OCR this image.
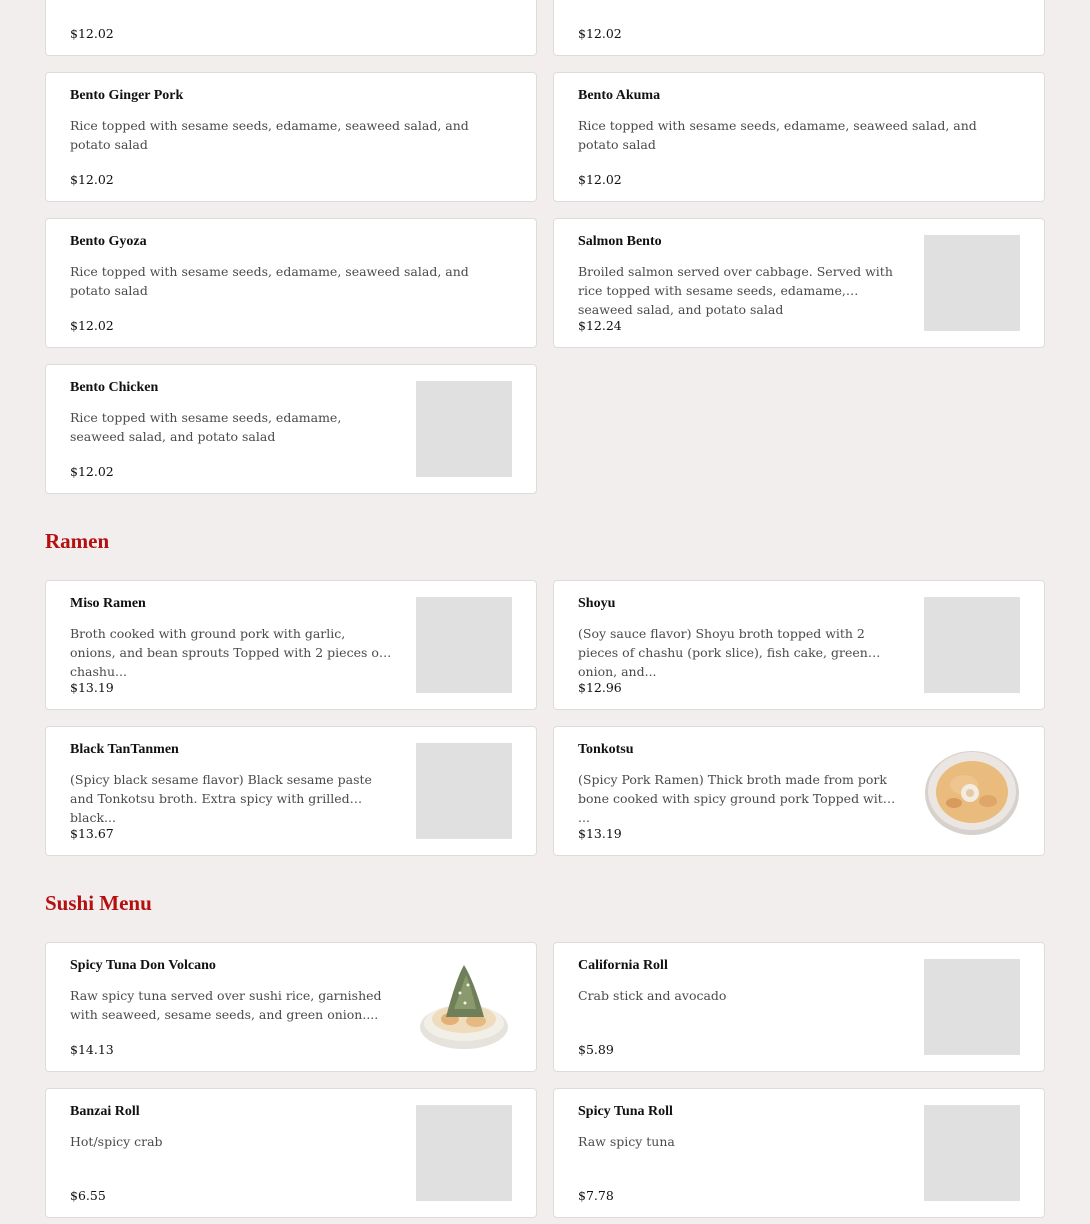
$12.02	$12.02
Bento Ginger Pork
Rice topped with sesame seeds, edamame, seaweed salad, and potato salad
$12.02
Bento Akuma
Rice topped with sesame seeds, edamame, seaweed salad, and potato salad
$12.02
Bento Gyoza
Rice topped with sesame seeds, edamame, seaweed salad, and potato salad
$12.02
Salmon Bento
Broiled salmon served over cabbage. Served with rice topped with sesame seeds, edamame, seaweed salad, and potato salad
$12.24
Bento Chicken
Rice topped with sesame seeds, edamame, seaweed salad, and potato salad
$12.02
Ramen
Miso Ramen
Broth cooked with ground pork with garlic, onions, and bean sprouts Topped with 2 pieces of chashu...
$13.19
Shoyu
(Soy sauce flavor) Shoyu broth topped with 2 pieces of chashu (pork slice), fish cake, green onion, and...
$12.96
Black TanTanmen
(Spicy black sesame flavor) Black sesame paste and Tonkotsu broth. Extra spicy with grilled black...
$13.67
Tonkotsu
(Spicy Pork Ramen) Thick broth made from pork bone cooked with spicy ground pork Topped with ...
$13.19
Sushi Menu
Spicy Tuna Don Volcano
Raw spicy tuna served over sushi rice, garnished with seaweed, sesame seeds, and green onion....
$14.13
California Roll
Crab stick and avocado
$5.89
Banzai Roll
Hot/spicy crab
$6.55
Spicy Tuna Roll
Raw spicy tuna
$7.78
